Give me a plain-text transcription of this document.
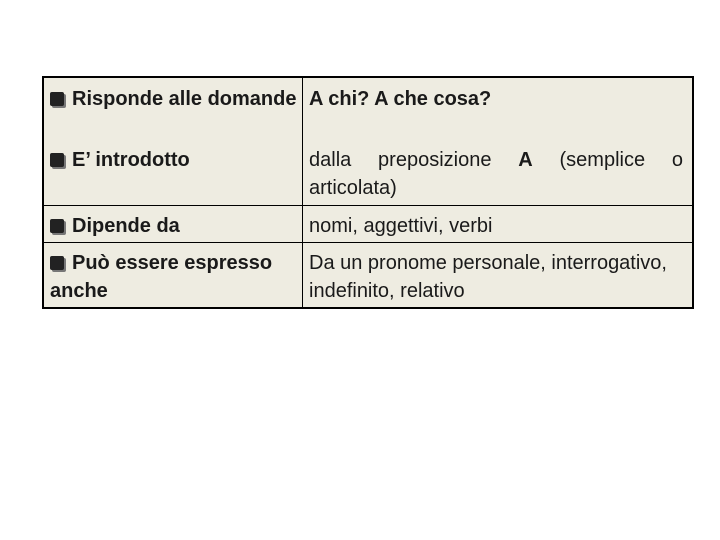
Risponde alle domande	A chi? A che cosa?
E’ introdotto	dalla preposizione A (semplice o articolata)
Dipende da	nomi, aggettivi, verbi
Può essere espresso anche	Da un pronome personale, interrogativo, indefinito, relativo
